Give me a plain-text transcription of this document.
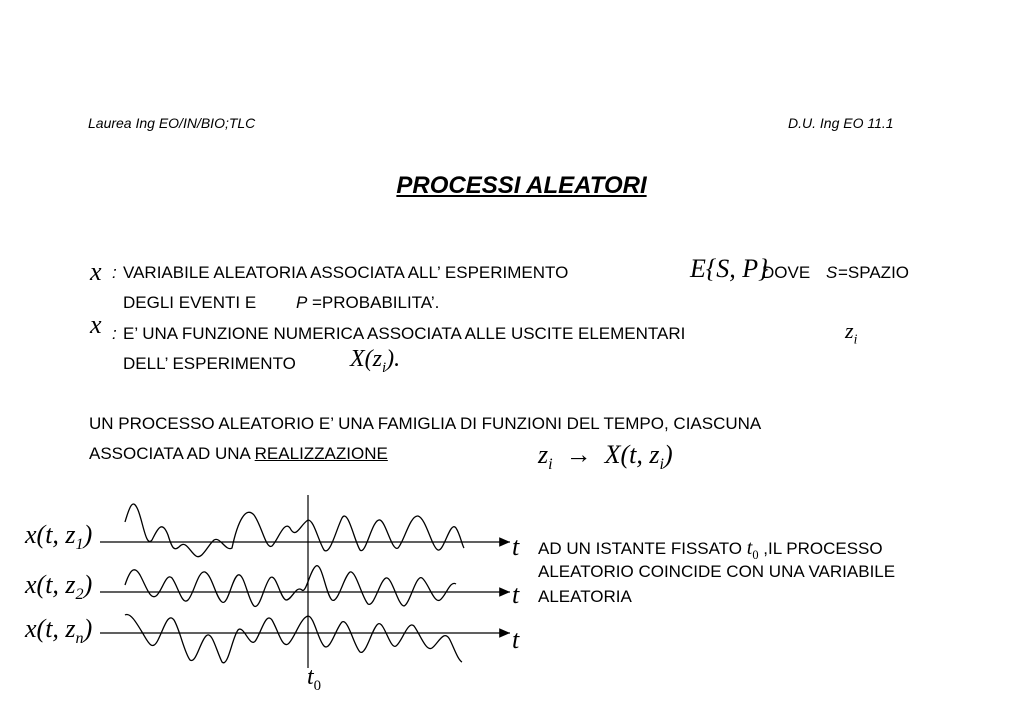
Laurea Ing EO/IN/BIO;TLC	D.U. Ing EO 11.1
PROCESSI ALEATORI
x : VARIABILE ALEATORIA ASSOCIATA ALL’ ESPERIMENTO	E{S, P}
DOVE S =SPAZIO
DEGLI EVENTI E P =PROBABILITA’.
x : E’ UNA FUNZIONE NUMERICA ASSOCIATA ALLE USCITE ELEMENTARI	$z_i$
DELL’ ESPERIMENTO $X(z_i)$.
UN PROCESSO ALEATORIO E’ UNA FAMIGLIA DI FUNZIONI DEL TEMPO, CIASCUNA
ASSOCIATA AD UNA REALIZZAZIONE	$z_i \to X(t$, $z_i$)
x(t, $z_1$)
x(t, $z_2$)
x(t, $z_n$)
t
t
t
$t_0$
AD UN ISTANTE FISSATO $t_0$ ,IL PROCESSO
ALEATORIO COINCIDE CON UNA VARIABILE
ALEATORIA
